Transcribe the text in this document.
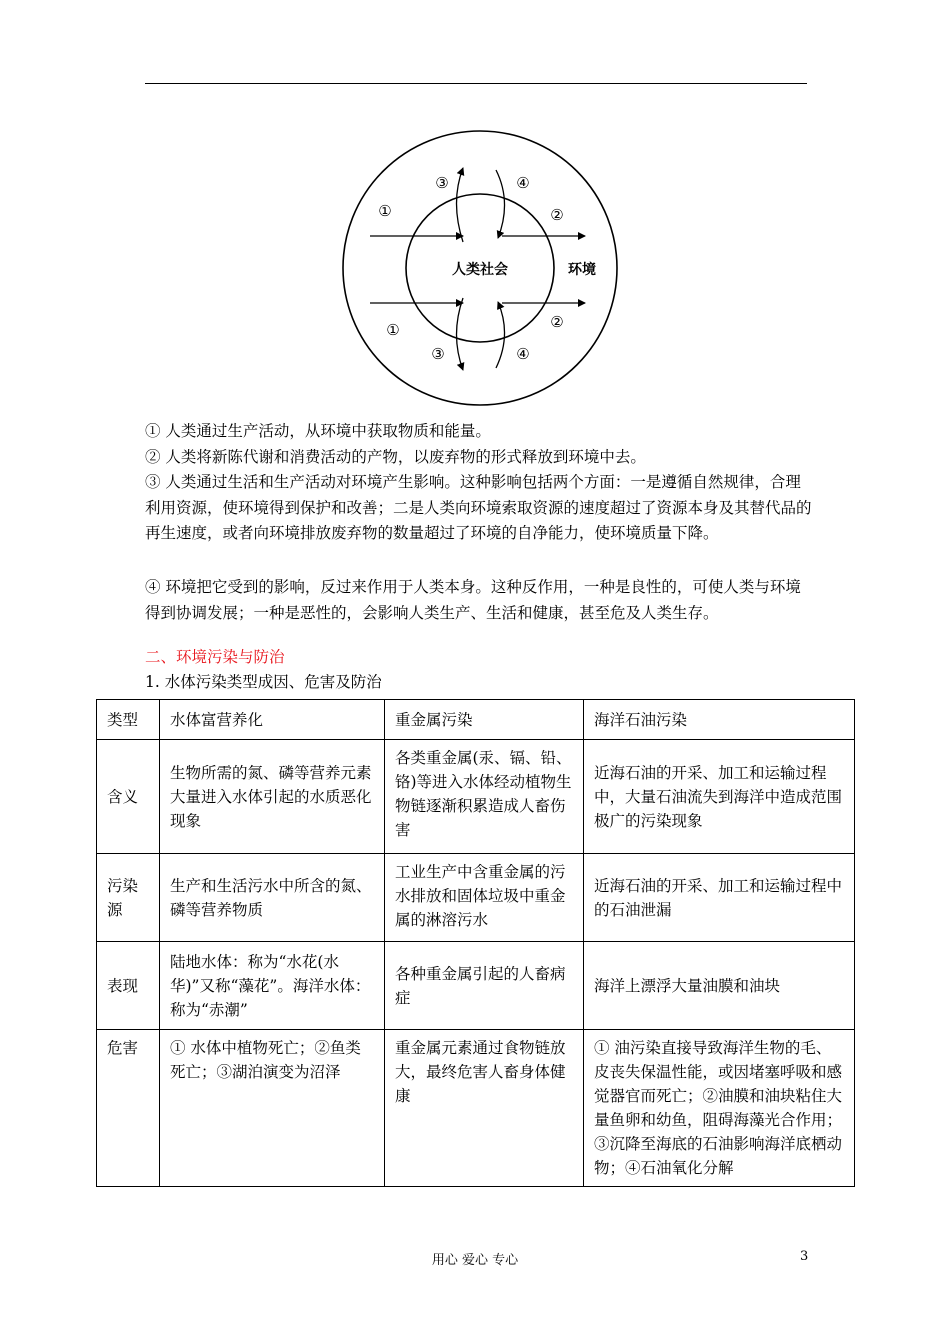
①
①
②
②
③
③
④
④
人类社会	环境
① 人类通过生产活动，从环境中获取物质和能量。
② 人类将新陈代谢和消费活动的产物，以废弃物的形式释放到环境中去。
③ 人类通过生活和生产活动对环境产生影响。这种影响包括两个方面：一是遵循自然规律，合理利用资源，使环境得到保护和改善；二是人类向环境索取资源的速度超过了资源本身及其替代品的再生速度，或者向环境排放废弃物的数量超过了环境的自净能力，使环境质量下降。
④ 环境把它受到的影响，反过来作用于人类本身。这种反作用，一种是良性的，可使人类与环境得到协调发展；一种是恶性的，会影响人类生产、生活和健康，甚至危及人类生存。
二、环境污染与防治
1. 水体污染类型成因、危害及防治
类型	水体富营养化	重金属污染	海洋石油污染
含义	生物所需的氮、磷等营养元素大量进入水体引起的水质恶化现象	各类重金属(汞、镉、铅、铬)等进入水体经动植物生物链逐渐积累造成人畜伤害	近海石油的开采、加工和运输过程中，大量石油流失到海洋中造成范围极广的污染现象
污染源	生产和生活污水中所含的氮、磷等营养物质	工业生产中含重金属的污水排放和固体垃圾中重金属的淋溶污水	近海石油的开采、加工和运输过程中的石油泄漏
表现	陆地水体：称为“水花(水华)”又称“藻花”。海洋水体：称为“赤潮”	各种重金属引起的人畜病症	海洋上漂浮大量油膜和油块
危害	① 水体中植物死亡；②鱼类死亡；③湖泊演变为沼泽	重金属元素通过食物链放大，最终危害人畜身体健康	① 油污染直接导致海洋生物的毛、皮丧失保温性能，或因堵塞呼吸和感觉器官而死亡；②油膜和油块粘住大量鱼卵和幼鱼，阻碍海藻光合作用；③沉降至海底的石油影响海洋底栖动物；④石油氧化分解
用心 爱心 专心	3
